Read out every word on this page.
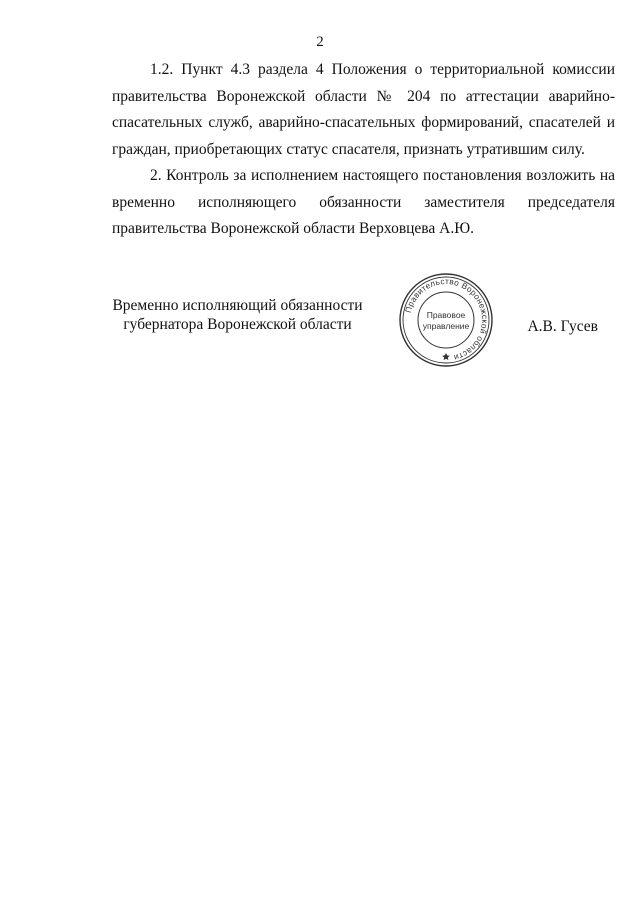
2

1.2. Пункт 4.3 раздела 4 Положения о территориальной комиссии правительства Воронежской области № 204 по аттестации аварийно-спасательных служб, аварийно-спасательных формирований, спасателей и граждан, приобретающих статус спасателя, признать утратившим силу.

2. Контроль за исполнением настоящего постановления возложить на временно исполняющего обязанности заместителя председателя правительства Воронежской области Верховцева А.Ю.

Временно исполняющий обязанности
губернатора Воронежской области
Правительство Воронежской области
Правовое
управление	А.В. Гусев
